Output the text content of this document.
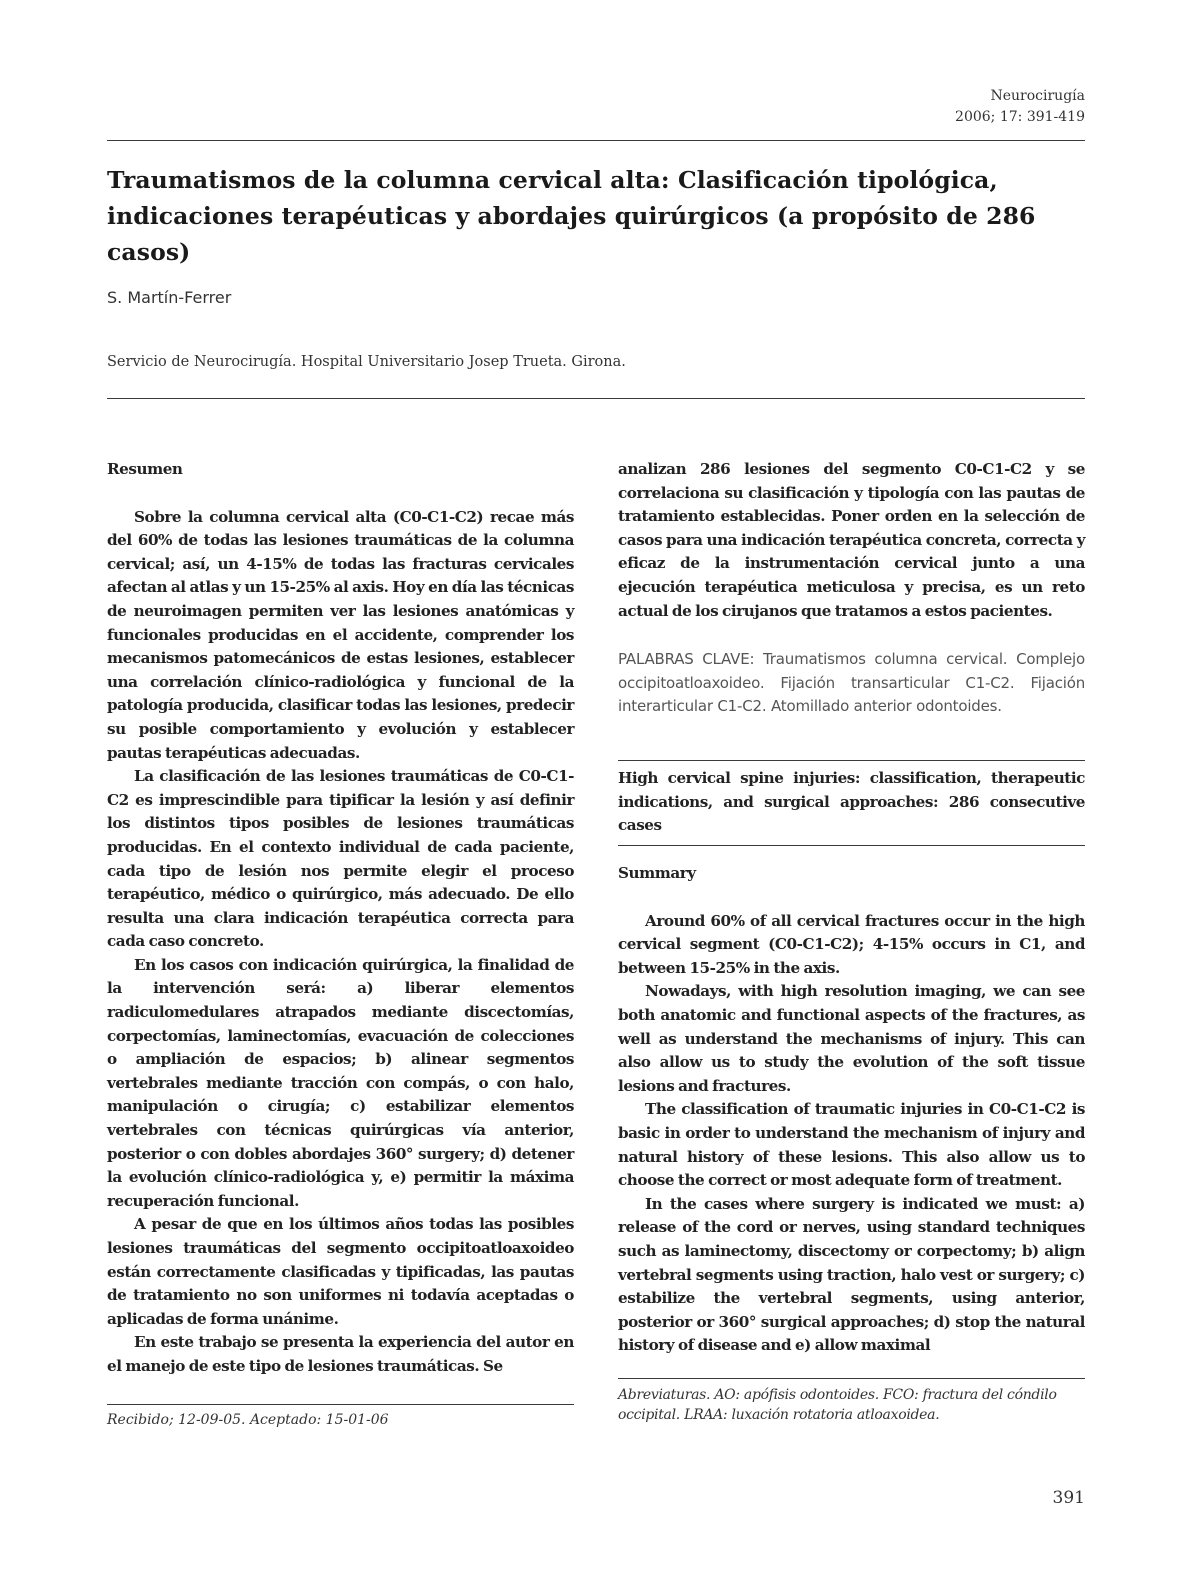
Neurocirugía
2006; 17: 391-419
Traumatismos de la columna cervical alta: Clasificación tipológica, indicaciones terapéuticas y abordajes quirúrgicos (a propósito de 286 casos)
S. Martín-Ferrer
Servicio de Neurocirugía. Hospital Universitario Josep Trueta. Girona.
Resumen

Sobre la columna cervical alta (C0-C1-C2) recae más del 60% de todas las lesiones traumáticas de la columna cervical; así, un 4-15% de todas las fracturas cervicales afectan al atlas y un 15-25% al axis. Hoy en día las técnicas de neuroimagen permiten ver las lesiones anatómicas y funcionales producidas en el accidente, comprender los mecanismos patomecánicos de estas lesiones, establecer una correlación clínico-radiológica y funcional de la patología producida, clasificar todas las lesiones, predecir su posible comportamiento y evolución y establecer pautas terapéuticas adecuadas.

La clasificación de las lesiones traumáticas de C0-C1-C2 es imprescindible para tipificar la lesión y así definir los distintos tipos posibles de lesiones traumáticas producidas. En el contexto individual de cada paciente, cada tipo de lesión nos permite elegir el proceso terapéutico, médico o quirúrgico, más adecuado. De ello resulta una clara indicación terapéutica correcta para cada caso concreto.

En los casos con indicación quirúrgica, la finalidad de la intervención será: a) liberar elementos radiculomedulares atrapados mediante discectomías, corpectomías, laminectomías, evacuación de colecciones o ampliación de espacios; b) alinear segmentos vertebrales mediante tracción con compás, o con halo, manipulación o cirugía; c) estabilizar elementos vertebrales con técnicas quirúrgicas vía anterior, posterior o con dobles abordajes 360° surgery; d) detener la evolución clínico-radiológica y, e) permitir la máxima recuperación funcional.

A pesar de que en los últimos años todas las posibles lesiones traumáticas del segmento occipitoatloaxoideo están correctamente clasificadas y tipificadas, las pautas de tratamiento no son uniformes ni todavía aceptadas o aplicadas de forma unánime.

En este trabajo se presenta la experiencia del autor en el manejo de este tipo de lesiones traumáticas. Se

analizan 286 lesiones del segmento C0-C1-C2 y se correlaciona su clasificación y tipología con las pautas de tratamiento establecidas. Poner orden en la selección de casos para una indicación terapéutica concreta, correcta y eficaz de la instrumentación cervical junto a una ejecución terapéutica meticulosa y precisa, es un reto actual de los cirujanos que tratamos a estos pacientes.

PALABRAS CLAVE: Traumatismos columna cervical. Complejo occipitoatloaxoideo. Fijación transarticular C1-C2. Fijación interarticular C1-C2. Atomillado anterior odontoides.
High cervical spine injuries: classification, therapeutic indications, and surgical approaches: 286 consecutive cases
Summary

Around 60% of all cervical fractures occur in the high cervical segment (C0-C1-C2); 4-15% occurs in C1, and between 15-25% in the axis.

Nowadays, with high resolution imaging, we can see both anatomic and functional aspects of the fractures, as well as understand the mechanisms of injury. This can also allow us to study the evolution of the soft tissue lesions and fractures.

The classification of traumatic injuries in C0-C1-C2 is basic in order to understand the mechanism of injury and natural history of these lesions. This also allow us to choose the correct or most adequate form of treatment.

In the cases where surgery is indicated we must: a) release of the cord or nerves, using standard techniques such as laminectomy, discectomy or corpectomy; b) align vertebral segments using traction, halo vest or surgery; c) estabilize the vertebral segments, using anterior, posterior or 360° surgical approaches; d) stop the natural history of disease and e) allow maximal

Recibido; 12-09-05. Aceptado: 15-01-06
Abreviaturas. AO: apófisis odontoides. FCO: fractura del cóndilo occipital. LRAA: luxación rotatoria atloaxoidea.
391
